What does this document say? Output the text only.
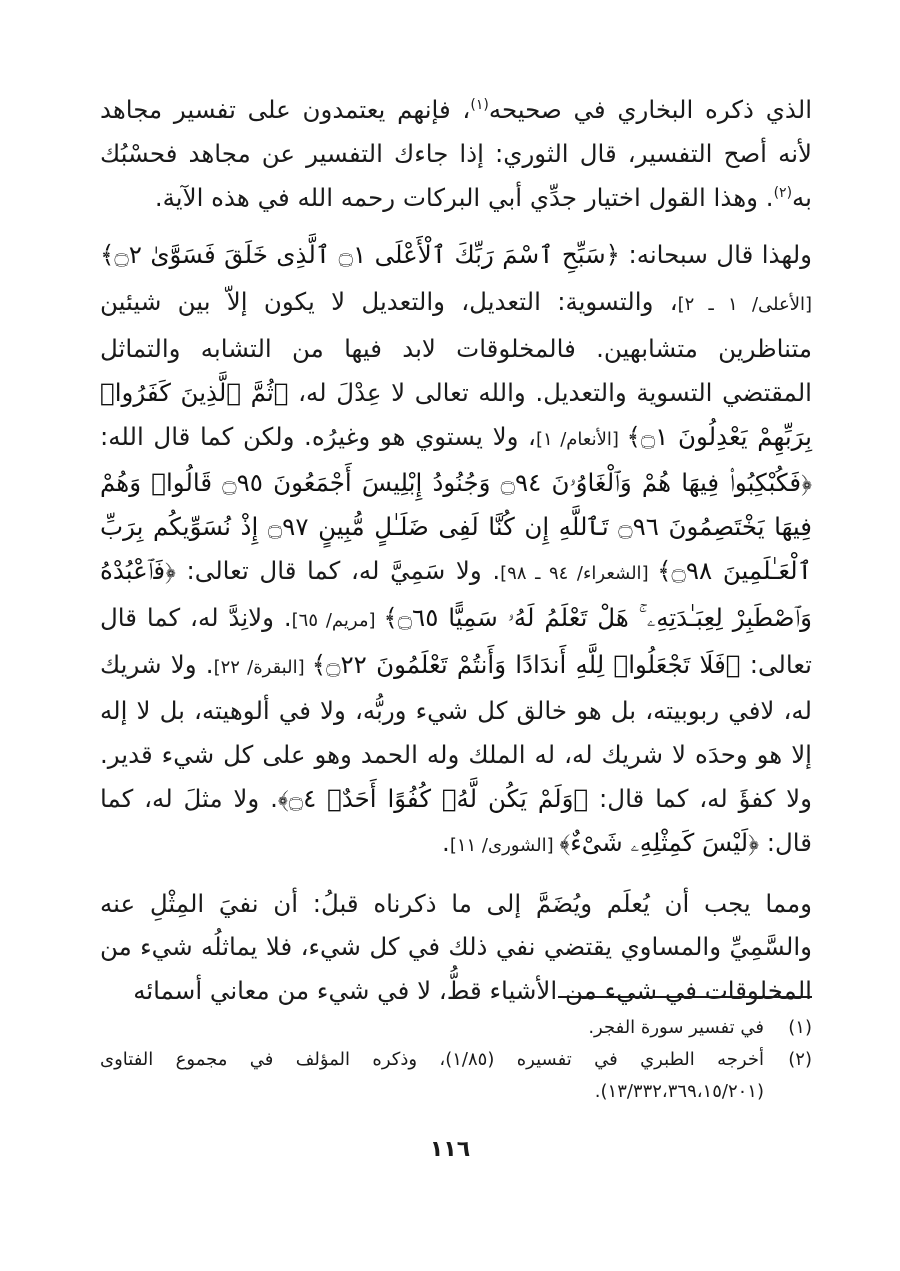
الذي ذكره البخاري في صحيحه$^{(١)}$، فإنهم يعتمدون على تفسير مجاهد لأنه أصح التفسير، قال الثوري: إذا جاءك التفسير عن مجاهد فحسْبُك به$^{(٢)}$. وهذا القول اختيار جدِّي أبي البركات رحمه الله في هذه الآية.

ولهذا قال سبحانه: ﴿سَبِّحِ ٱسْمَ رَبِّكَ ٱلْأَعْلَى ۝١ ٱلَّذِى خَلَقَ فَسَوَّىٰ ۝٢﴾ [الأعلى/ ١ ـ ٢]، والتسوية: التعديل، والتعديل لا يكون إلاّ بين شيئين متناظرين متشابهين. فالمخلوقات لابد فيها من التشابه والتماثل المقتضي التسوية والتعديل. والله تعالى لا عِدْلَ له، ﴿ثُمَّ ٱلَّذِينَ كَفَرُوا۟ بِرَبِّهِمْ يَعْدِلُونَ ۝١﴾ [الأنعام/ ١]، ولا يستوي هو وغيرُه. ولكن كما قال الله: ﴿فَكُبْكِبُوا۟ فِيهَا هُمْ وَٱلْغَاوُۥنَ ۝٩٤ وَجُنُودُ إِبْلِيسَ أَجْمَعُونَ ۝٩٥ قَالُوا۟ وَهُمْ فِيهَا يَخْتَصِمُونَ ۝٩٦ تَٱللَّهِ إِن كُنَّا لَفِى ضَلَـٰلٍ مُّبِينٍ ۝٩٧ إِذْ نُسَوِّيكُم بِرَبِّ ٱلْعَـٰلَمِينَ ۝٩٨﴾ [الشعراء/ ٩٤ ـ ٩٨]. ولا سَمِيَّ له، كما قال تعالى: ﴿فَٱعْبُدْهُ وَٱصْطَبِرْ لِعِبَـٰدَتِهِۦ ۚ هَلْ تَعْلَمُ لَهُۥ سَمِيًّا ۝٦٥﴾ [مريم/ ٦٥]. ولانِدَّ له، كما قال تعالى: ﴿فَلَا تَجْعَلُوا۟ لِلَّهِ أَندَادًا وَأَنتُمْ تَعْلَمُونَ ۝٢٢﴾ [البقرة/ ٢٢]. ولا شريك له، لافي ربوبيته، بل هو خالق كل شيء وربُّه، ولا في ألوهيته، بل لا إله إلا هو وحدَه لا شريك له، له الملك وله الحمد وهو على كل شيء قدير. ولا كفؤَ له، كما قال: ﴿وَلَمْ يَكُن لَّهُۥ كُفُوًا أَحَدٌۢ ۝٤﴾. ولا مثلَ له، كما قال: ﴿لَيْسَ كَمِثْلِهِۦ شَىْءٌ﴾ [الشورى/ ١١].

ومما يجب أن يُعلَم ويُضَمَّ إلى ما ذكرناه قبلُ: أن نفيَ المِثْلِ عنه والسَّمِيِّ والمساوي يقتضي نفي ذلك في كل شيء، فلا يماثلُه شيء من المخلوقات في شيء من الأشياء قطُّ، لا في شيء من معاني أسمائه

(١)
في تفسير سورة الفجر.
(٢)
أخرجه الطبري في تفسيره (١/٨٥)، وذكره المؤلف في مجموع الفتاوى (١٣/٣٣٢،٣٦٩،١٥/٢٠١).
١١٦
